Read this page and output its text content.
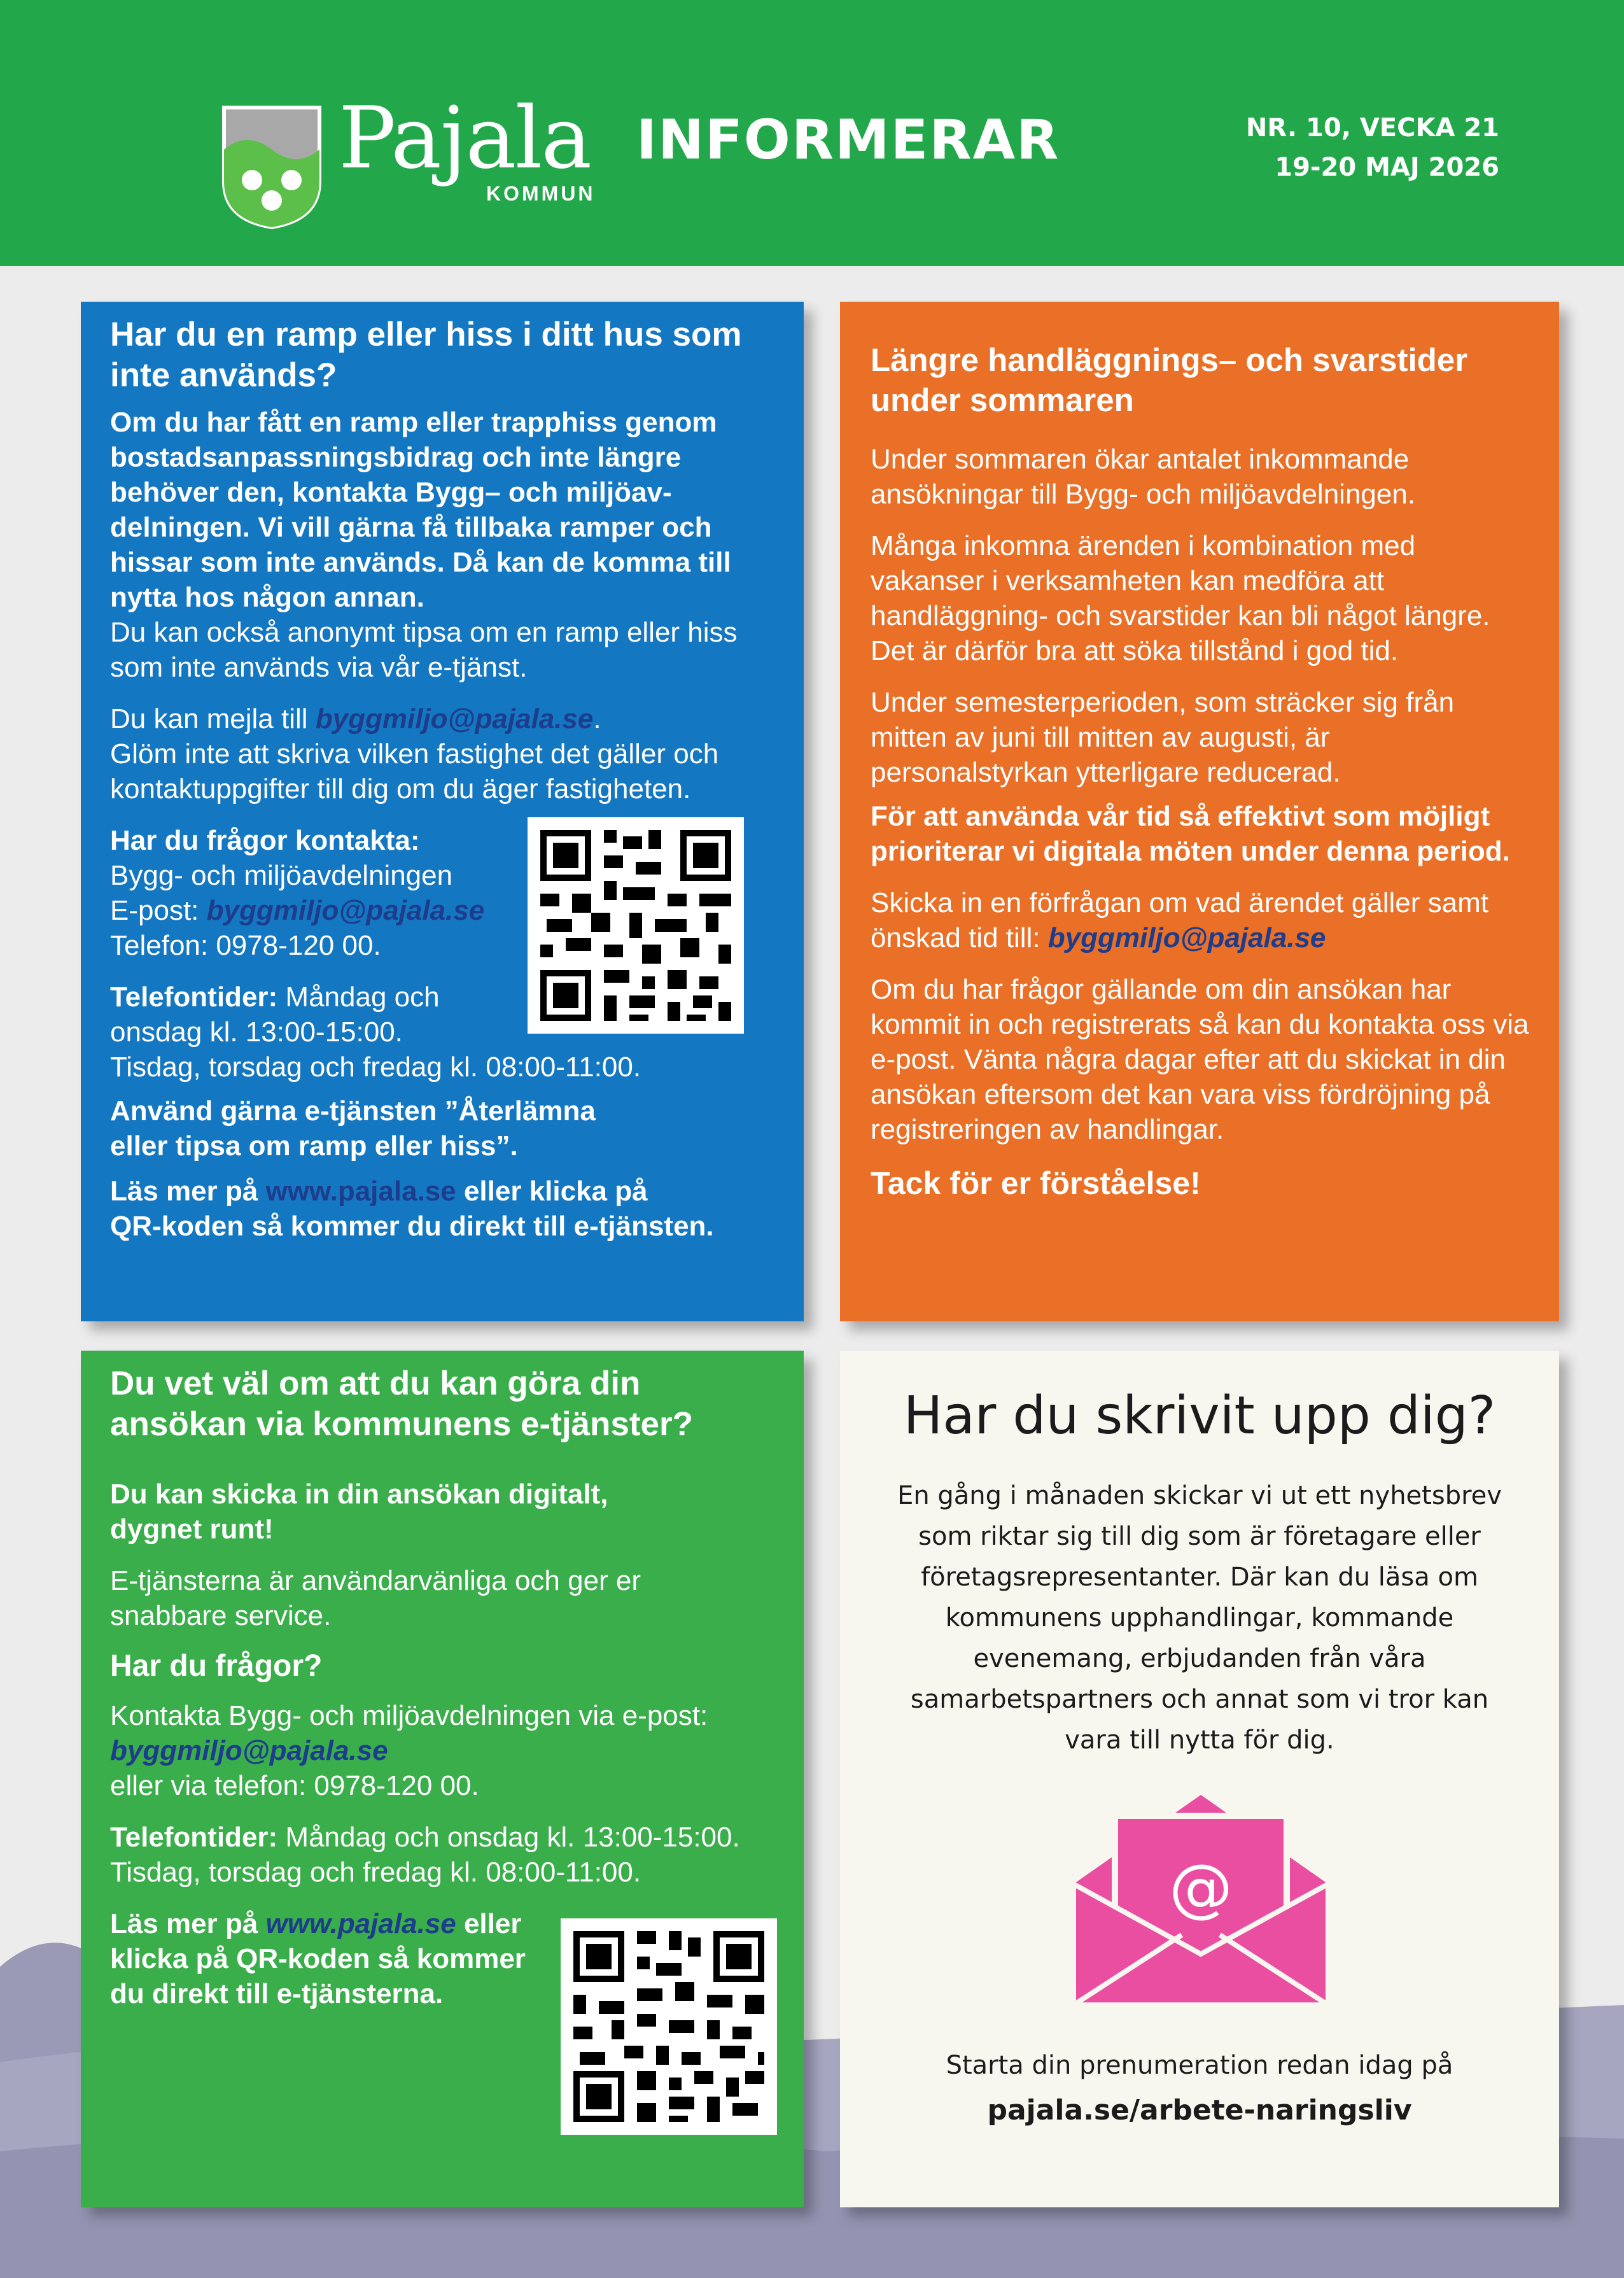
Pajala
KOMMUN
INFORMERAR	NR. 10, VECKA 21
19-20 MAJ 2026

Har du en ramp eller hiss i ditt hus som inte används?

Om du har fått en ramp eller trapphiss genom bostadsanpassningsbidrag och inte längre behöver den, kontakta Bygg– och miljöav-delningen. Vi vill gärna få tillbaka ramper och hissar som inte används. Då kan de komma till nytta hos någon annan.

Du kan också anonymt tipsa om en ramp eller hiss som inte används via vår e-tjänst.

Du kan mejla till byggmiljo@pajala.se.

Glöm inte att skriva vilken fastighet det gäller och kontaktuppgifter till dig om du äger fastigheten.

Har du frågor kontakta:

Bygg- och miljöavdelningen

E-post: byggmiljo@pajala.se

Telefon: 0978-120 00.

Telefontider: Måndag och

onsdag kl. 13:00-15:00.

Tisdag, torsdag och fredag kl. 08:00-11:00.

Använd gärna e-tjänsten ”Återlämna eller tipsa om ramp eller hiss”.

Läs mer på www.pajala.se eller klicka på

QR-koden så kommer du direkt till e-tjänsten.

Längre handläggnings– och svarstider under sommaren

Under sommaren ökar antalet inkommande ansökningar till Bygg- och miljöavdelningen.

Många inkomna ärenden i kombination med vakanser i verksamheten kan medföra att handläggning- och svarstider kan bli något längre. Det är därför bra att söka tillstånd i god tid.

Under semesterperioden, som sträcker sig från mitten av juni till mitten av augusti, är personalstyrkan ytterligare reducerad.

För att använda vår tid så effektivt som möjligt prioriterar vi digitala möten under denna period.

Skicka in en förfrågan om vad ärendet gäller samt önskad tid till: byggmiljo@pajala.se

Om du har frågor gällande om din ansökan har kommit in och registrerats så kan du kontakta oss via e-post. Vänta några dagar efter att du skickat in din ansökan eftersom det kan vara viss fördröjning på registreringen av handlingar.

Tack för er förståelse!

Du vet väl om att du kan göra din ansökan via kommunens e-tjänster?

Du kan skicka in din ansökan digitalt, dygnet runt!

E-tjänsterna är användarvänliga och ger er snabbare service.

Har du frågor?

Kontakta Bygg- och miljöavdelningen via e-post:

byggmiljo@pajala.se

eller via telefon: 0978-120 00.

Telefontider: Måndag och onsdag kl. 13:00-15:00.

Tisdag, torsdag och fredag kl. 08:00-11:00.

Läs mer på www.pajala.se eller klicka på QR-koden så kommer du direkt till e-tjänsterna.

Har du skrivit upp dig?
En gång i månaden skickar vi ut ett nyhetsbrev som riktar sig till dig som är företagare eller företagsrepresentanter. Där kan du läsa om kommunens upphandlingar, kommande evenemang, erbjudanden från våra samarbetspartners och annat som vi tror kan vara till nytta för dig.
@
Starta din prenumeration redan idag på
pajala.se/arbete-naringsliv
